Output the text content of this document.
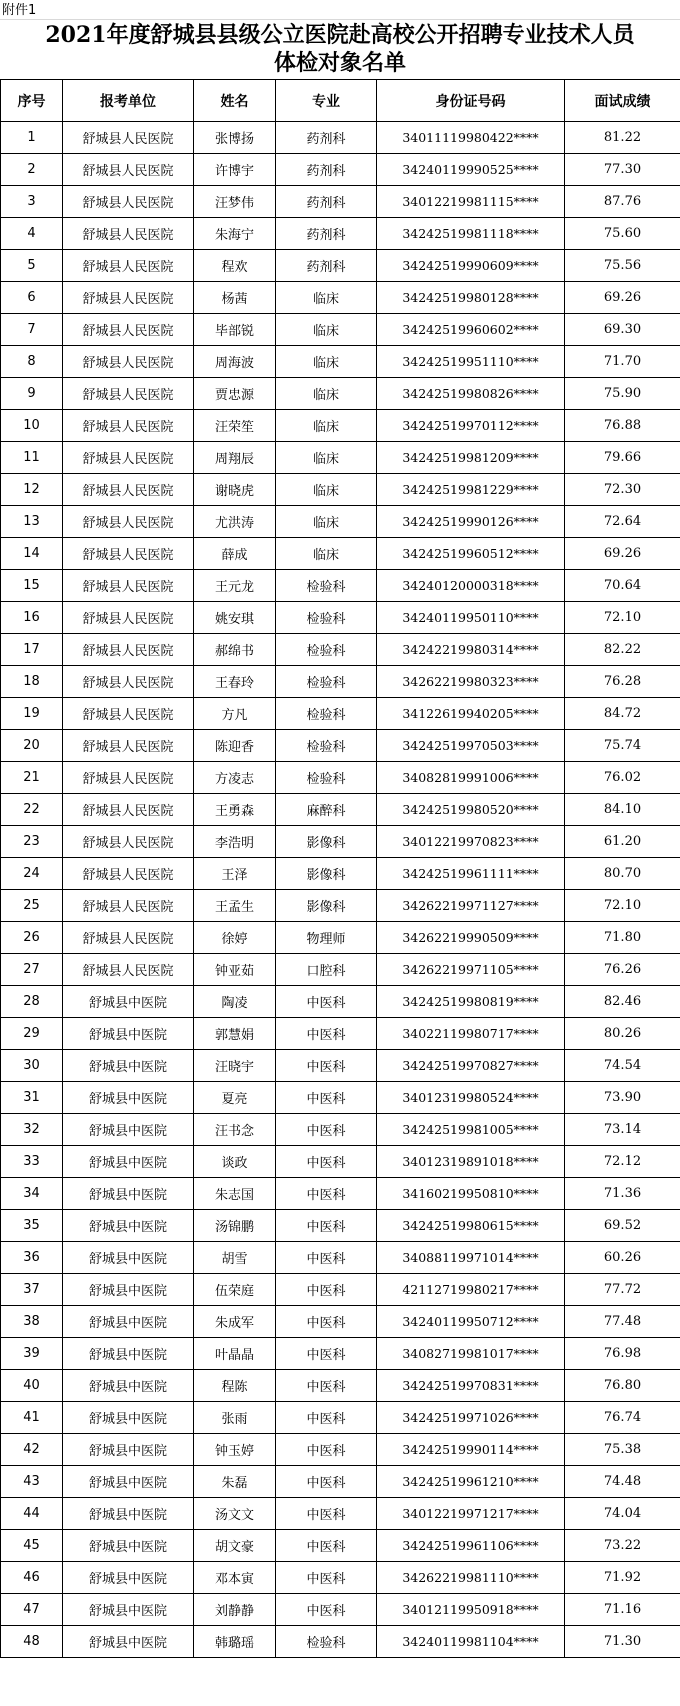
附件1
2021年度舒城县县级公立医院赴高校公开招聘专业技术人员
体检对象名单
序号	报考单位	姓名	专业	身份证号码	面试成绩
1	舒城县人民医院	张博扬	药剂科	34011119980422****	81.22
2	舒城县人民医院	许博宇	药剂科	34240119990525****	77.30
3	舒城县人民医院	汪梦伟	药剂科	34012219981115****	87.76
4	舒城县人民医院	朱海宁	药剂科	34242519981118****	75.60
5	舒城县人民医院	程欢	药剂科	34242519990609****	75.56
6	舒城县人民医院	杨茜	临床	34242519980128****	69.26
7	舒城县人民医院	毕部锐	临床	34242519960602****	69.30
8	舒城县人民医院	周海波	临床	34242519951110****	71.70
9	舒城县人民医院	贾忠源	临床	34242519980826****	75.90
10	舒城县人民医院	汪荣笙	临床	34242519970112****	76.88
11	舒城县人民医院	周翔辰	临床	34242519981209****	79.66
12	舒城县人民医院	谢晓虎	临床	34242519981229****	72.30
13	舒城县人民医院	尤洪涛	临床	34242519990126****	72.64
14	舒城县人民医院	薛成	临床	34242519960512****	69.26
15	舒城县人民医院	王元龙	检验科	34240120000318****	70.64
16	舒城县人民医院	姚安琪	检验科	34240119950110****	72.10
17	舒城县人民医院	郝绵书	检验科	34242219980314****	82.22
18	舒城县人民医院	王春玲	检验科	34262219980323****	76.28
19	舒城县人民医院	方凡	检验科	34122619940205****	84.72
20	舒城县人民医院	陈迎香	检验科	34242519970503****	75.74
21	舒城县人民医院	方凌志	检验科	34082819991006****	76.02
22	舒城县人民医院	王勇森	麻醉科	34242519980520****	84.10
23	舒城县人民医院	李浩明	影像科	34012219970823****	61.20
24	舒城县人民医院	王泽	影像科	34242519961111****	80.70
25	舒城县人民医院	王孟生	影像科	34262219971127****	72.10
26	舒城县人民医院	徐婷	物理师	34262219990509****	71.80
27	舒城县人民医院	钟亚茹	口腔科	34262219971105****	76.26
28	舒城县中医院	陶凌	中医科	34242519980819****	82.46
29	舒城县中医院	郭慧娟	中医科	34022119980717****	80.26
30	舒城县中医院	汪晓宇	中医科	34242519970827****	74.54
31	舒城县中医院	夏亮	中医科	34012319980524****	73.90
32	舒城县中医院	汪书念	中医科	34242519981005****	73.14
33	舒城县中医院	谈政	中医科	34012319891018****	72.12
34	舒城县中医院	朱志国	中医科	34160219950810****	71.36
35	舒城县中医院	汤锦鹏	中医科	34242519980615****	69.52
36	舒城县中医院	胡雪	中医科	34088119971014****	60.26
37	舒城县中医院	伍荣庭	中医科	42112719980217****	77.72
38	舒城县中医院	朱成军	中医科	34240119950712****	77.48
39	舒城县中医院	叶晶晶	中医科	34082719981017****	76.98
40	舒城县中医院	程陈	中医科	34242519970831****	76.80
41	舒城县中医院	张雨	中医科	34242519971026****	76.74
42	舒城县中医院	钟玉婷	中医科	34242519990114****	75.38
43	舒城县中医院	朱磊	中医科	34242519961210****	74.48
44	舒城县中医院	汤文文	中医科	34012219971217****	74.04
45	舒城县中医院	胡文豪	中医科	34242519961106****	73.22
46	舒城县中医院	邓本寅	中医科	34262219981110****	71.92
47	舒城县中医院	刘静静	中医科	34012119950918****	71.16
48	舒城县中医院	韩璐瑶	检验科	34240119981104****	71.30
